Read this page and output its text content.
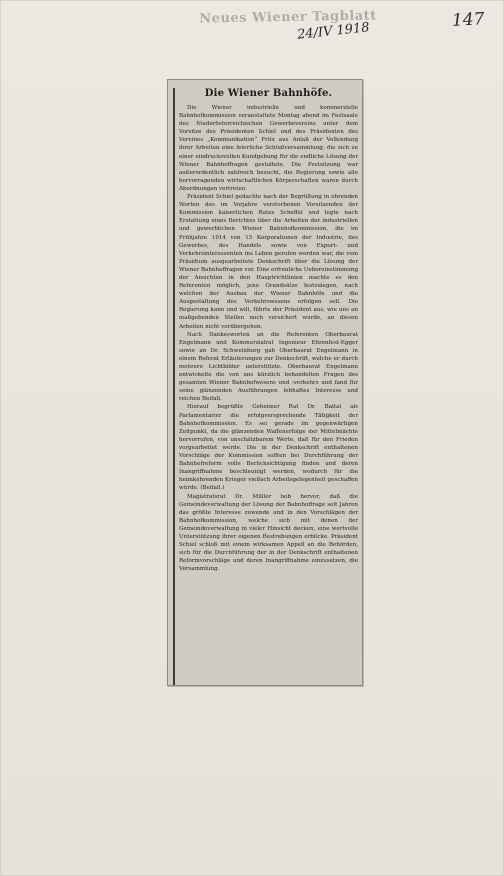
Neues Wiener Tagblatt
24/IV 1918
147
Die Wiener Bahnhöfe.

Die Wiener industrielle und kommerzielle Bahnhofkommission veranstaltete Montag abend im Festsaale des Niederösterreichischen Gewerbevereins unter dem Vorsitze des Präsidenten Schiel und des Präsidenten des Vereines „Kommunikation“ Fritz aus Anlaß der Vollendung ihrer Arbeiten eine feierliche Schlußversammlung, die sich zu einer eindrucksvollen Kundgebung für die endliche Lösung der Wiener Bahnhoffragen gestaltete. Die Festsitzung war außerordentlich zahlreich besucht, die Regierung sowie alle hervorragenden wirtschaftlichen Körperschaften waren durch Abordnungen vertreten.

Präsident Schiel gedachte nach der Begrüßung in ehrenden Worten des im Vorjahre verstorbenen Vorsitzenden der Kommission kaiserlichen Rates Scheffel und legte nach Erstattung eines Berichtes über die Arbeiten der industriellen und gewerblichen Wiener Bahnhofkommission, die im Frühjahre 1914 von 15 Korporationen der Industrie, des Gewerbes, des Handels sowie von Export- und Verkehrsinteressenten ins Leben gerufen worden war, die vom Präsidium ausgearbeitete Denkschrift über die Lösung der Wiener Bahnhoffragen vor. Eine erfreuliche Uebereinstimmung der Ansichten in den Hauptrichtlinien machte es den Referenten möglich, jene Grundsätze festzulegen, nach welchen der Ausbau der Wiener Bahnhöfe und die Ausgestaltung des Verkehrswesens erfolgen soll. Die Regierung kann und will, führte der Präsident aus, wie uns an maßgebenden Stellen noch versichert wurde, an diesen Arbeiten nicht vorübergehen.

Nach Dankesworten an die Referenten Oberbaurat Engelmann und Kommerzialrat Ingenieur Ehrenfest-Egger sowie an Dr. Schweinburg gab Oberbaurat Engelmann in einem Referat Erläuterungen zur Denkschrift, welche er durch mehrere Lichtbilder unterstützte. Oberbaurat Engelmann entwickelte die von uns kürzlich behandelten Fragen des gesamten Wiener Bahnhofwesens und -verkehrs und fand für seine glänzenden Ausführungen lebhaftes Interesse und reichen Beifall.

Hierauf begrüßte Geheimer Rat Dr. Baital als Parlamentarier die erfolgversprechende Tätigkeit der Bahnhofkommission. Es sei gerade im gegenwärtigen Zeitpunkt, da die glänzenden Waffenerfolge der Mittelmächte hervorrufen, von unschätzbarem Werte, daß für den Frieden vorgearbeitet werde. Die in der Denkschrift enthaltenen Vorschläge der Kommission sollten bei Durchführung der Bahnhofreform volle Berücksichtigung finden und deren Inangriffnahme beschleunigt werden, wodurch für die heimkehrenden Krieger vielfach Arbeitsgelegenheit geschaffen würde. (Beifall.)

Magistratsrat Dr. Müller hob hervor, daß die Gemeindeverwaltung der Lösung der Bahnhoffrage seit Jahren das größte Interesse zuwende und in den Vorschlägen der Bahnhofkommission, welche sich mit denen der Gemeindeverwaltung in vieler Hinsicht decken, eine wertvolle Unterstützung ihrer eigenen Bestrebungen erblicke. Präsident Schiel schloß mit einem wirksamen Appell an die Behörden, sich für die Durchführung der in der Denkschrift enthaltenen Reformvorschläge und deren Inangriffnahme einzusetzen, die Versammlung.
